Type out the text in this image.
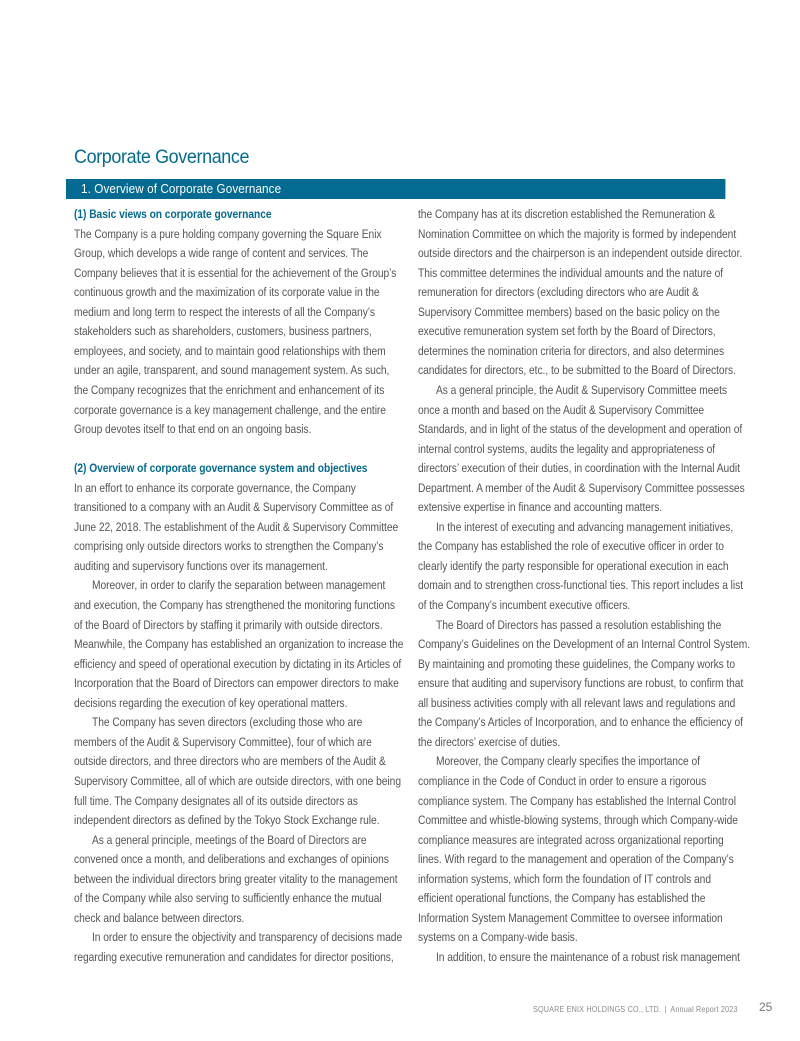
Corporate Governance
1. Overview of Corporate Governance
(1) Basic views on corporate governance
The Company is a pure holding company governing the Square Enix
Group, which develops a wide range of content and services. The
Company believes that it is essential for the achievement of the Group’s
continuous growth and the maximization of its corporate value in the
medium and long term to respect the interests of all the Company’s
stakeholders such as shareholders, customers, business partners,
employees, and society, and to maintain good relationships with them
under an agile, transparent, and sound management system. As such,
the Company recognizes that the enrichment and enhancement of its
corporate governance is a key management challenge, and the entire
Group devotes itself to that end on an ongoing basis.
(2) Overview of corporate governance system and objectives
In an effort to enhance its corporate governance, the Company
transitioned to a company with an Audit & Supervisory Committee as of
June 22, 2018. The establishment of the Audit & Supervisory Committee
comprising only outside directors works to strengthen the Company’s
auditing and supervisory functions over its management.
Moreover, in order to clarify the separation between management
and execution, the Company has strengthened the monitoring functions
of the Board of Directors by staffing it primarily with outside directors.
Meanwhile, the Company has established an organization to increase the
efficiency and speed of operational execution by dictating in its Articles of
Incorporation that the Board of Directors can empower directors to make
decisions regarding the execution of key operational matters.
The Company has seven directors (excluding those who are
members of the Audit & Supervisory Committee), four of which are
outside directors, and three directors who are members of the Audit &
Supervisory Committee, all of which are outside directors, with one being
full time. The Company designates all of its outside directors as
independent directors as defined by the Tokyo Stock Exchange rule.
As a general principle, meetings of the Board of Directors are
convened once a month, and deliberations and exchanges of opinions
between the individual directors bring greater vitality to the management
of the Company while also serving to sufficiently enhance the mutual
check and balance between directors.
In order to ensure the objectivity and transparency of decisions made
regarding executive remuneration and candidates for director positions,
the Company has at its discretion established the Remuneration &
Nomination Committee on which the majority is formed by independent
outside directors and the chairperson is an independent outside director.
This committee determines the individual amounts and the nature of
remuneration for directors (excluding directors who are Audit &
Supervisory Committee members) based on the basic policy on the
executive remuneration system set forth by the Board of Directors,
determines the nomination criteria for directors, and also determines
candidates for directors, etc., to be submitted to the Board of Directors.
As a general principle, the Audit & Supervisory Committee meets
once a month and based on the Audit & Supervisory Committee
Standards, and in light of the status of the development and operation of
internal control systems, audits the legality and appropriateness of
directors’ execution of their duties, in coordination with the Internal Audit
Department. A member of the Audit & Supervisory Committee possesses
extensive expertise in finance and accounting matters.
In the interest of executing and advancing management initiatives,
the Company has established the role of executive officer in order to
clearly identify the party responsible for operational execution in each
domain and to strengthen cross-functional ties. This report includes a list
of the Company’s incumbent executive officers.
The Board of Directors has passed a resolution establishing the
Company’s Guidelines on the Development of an Internal Control System.
By maintaining and promoting these guidelines, the Company works to
ensure that auditing and supervisory functions are robust, to confirm that
all business activities comply with all relevant laws and regulations and
the Company’s Articles of Incorporation, and to enhance the efficiency of
the directors’ exercise of duties.
Moreover, the Company clearly specifies the importance of
compliance in the Code of Conduct in order to ensure a rigorous
compliance system. The Company has established the Internal Control
Committee and whistle-blowing systems, through which Company-wide
compliance measures are integrated across organizational reporting
lines. With regard to the management and operation of the Company’s
information systems, which form the foundation of IT controls and
efficient operational functions, the Company has established the
Information System Management Committee to oversee information
systems on a Company-wide basis.
In addition, to ensure the maintenance of a robust risk management
SQUARE ENIX HOLDINGS CO., LTD. | Annual Report 2023 25
